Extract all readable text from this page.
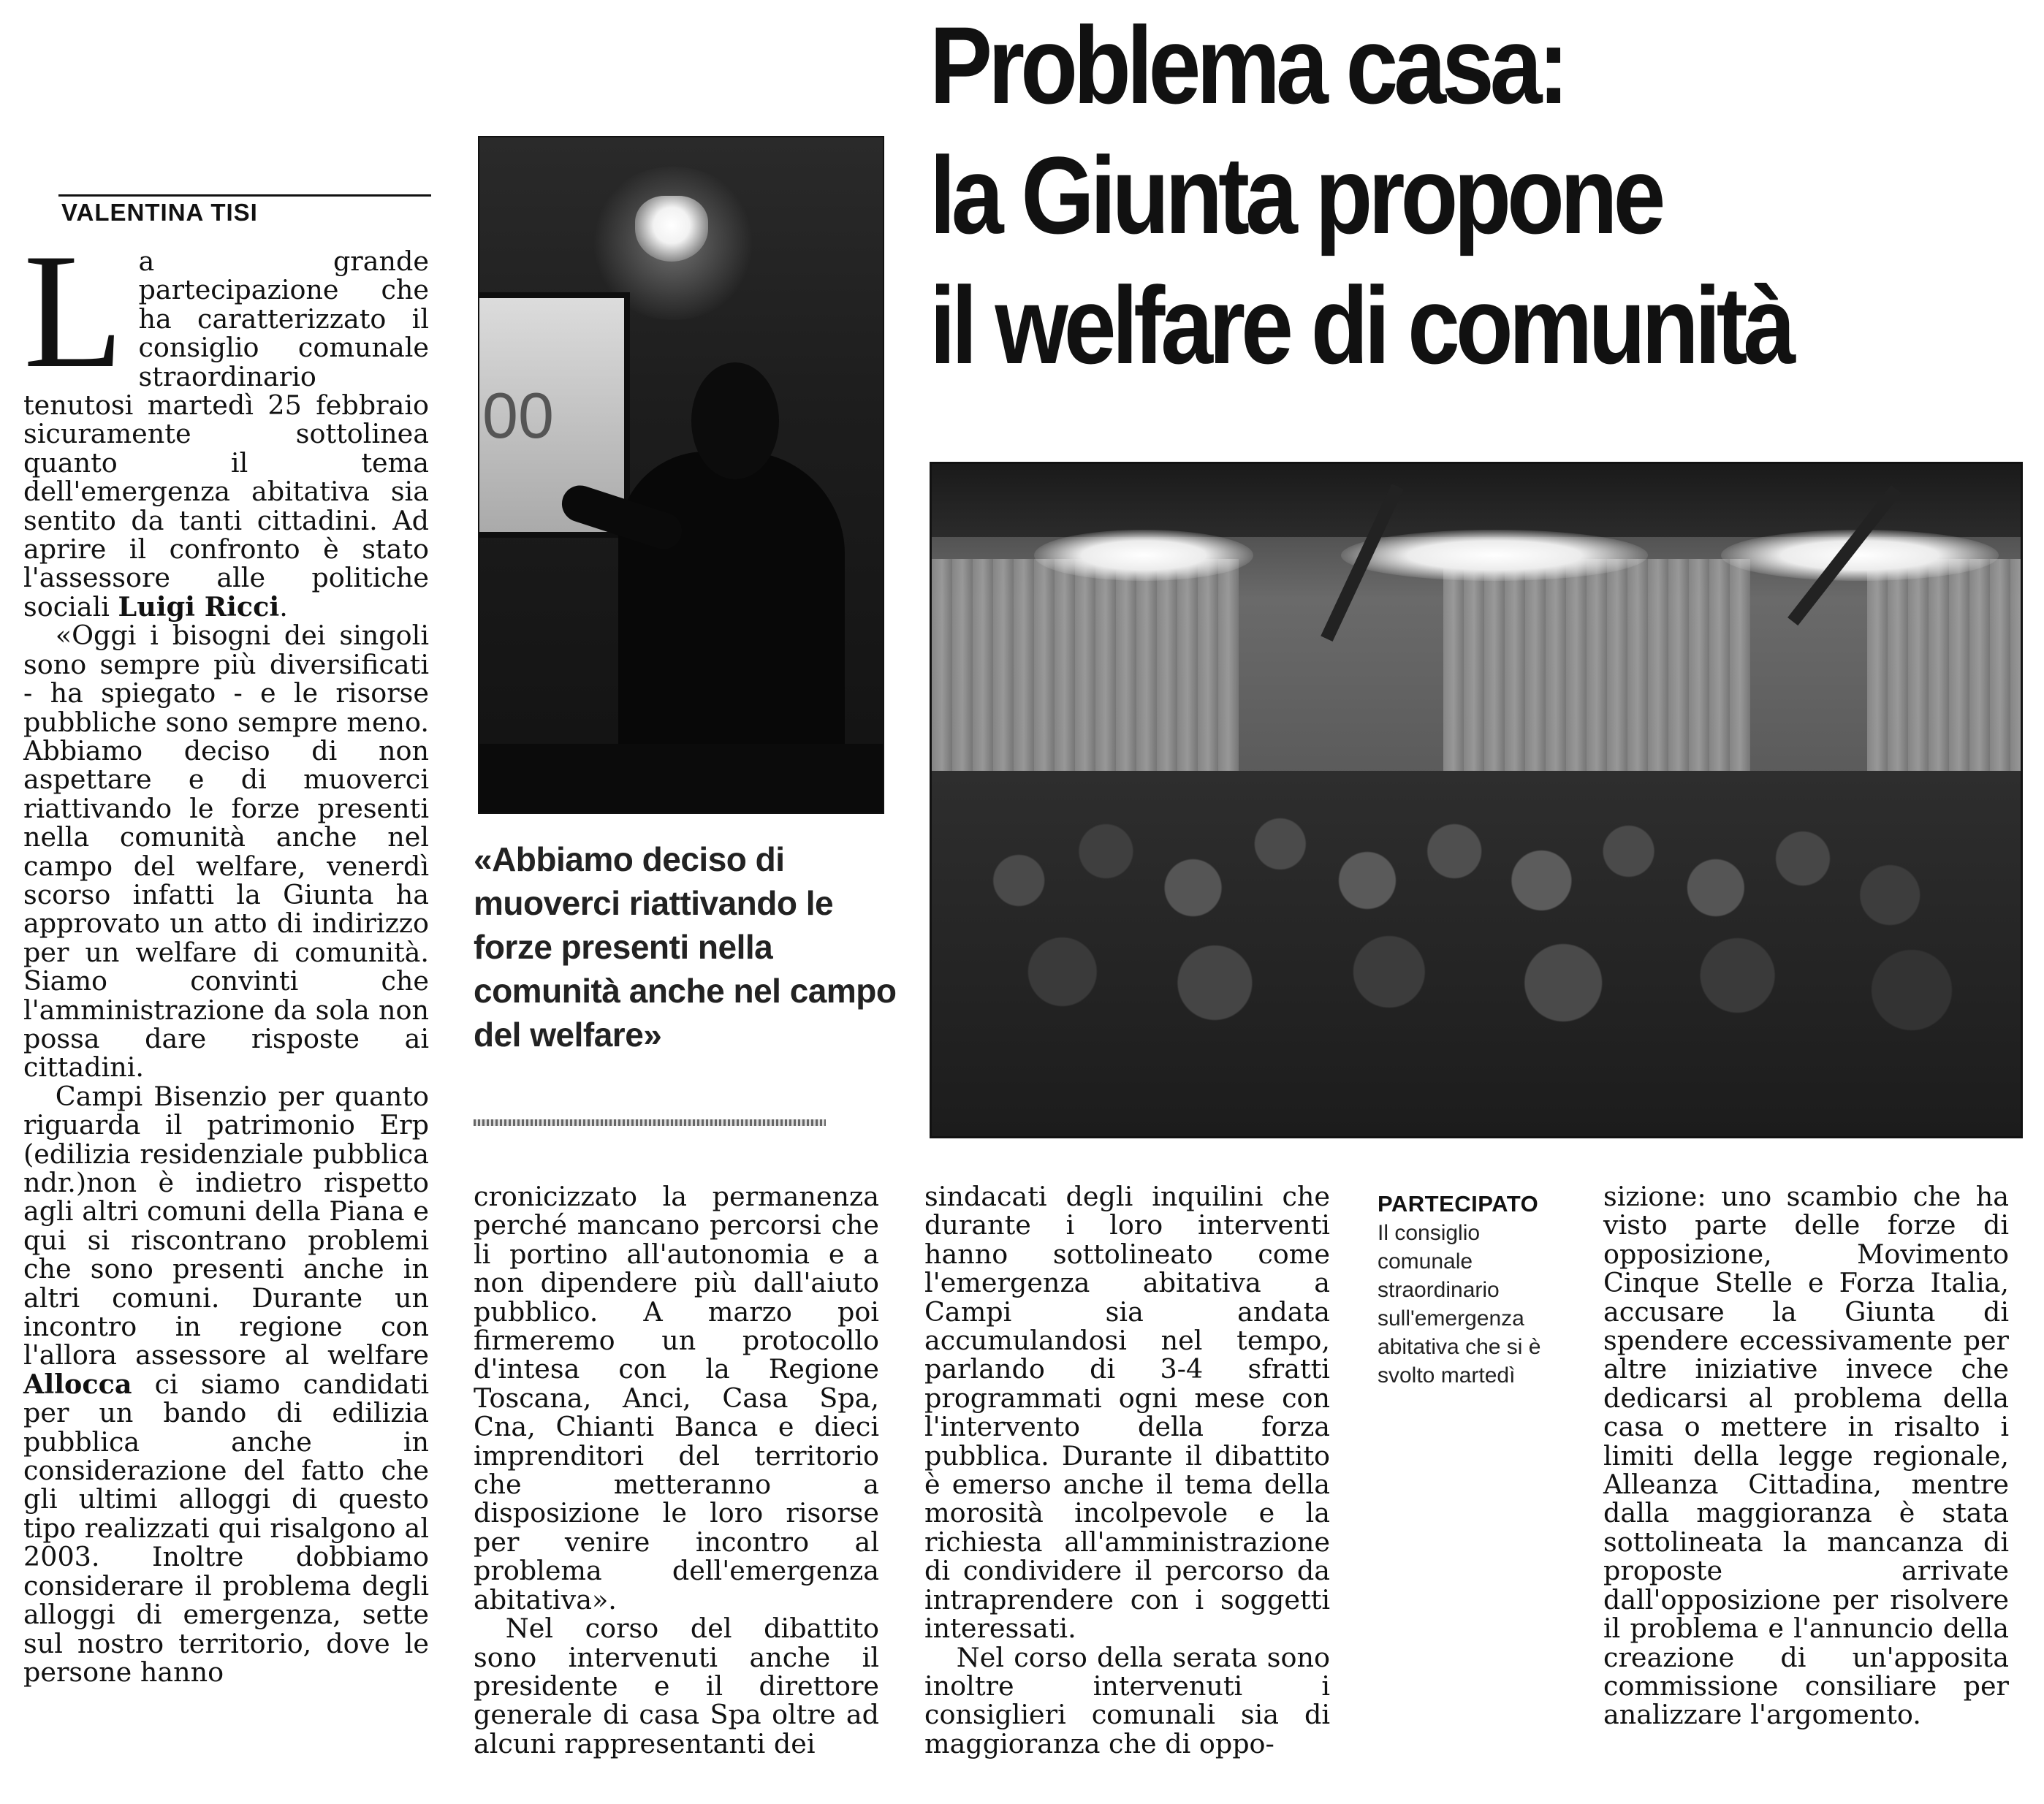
VALENTINA TISI

La grande partecipazione che ha caratterizzato il consiglio comunale straordinario tenutosi martedì 25 febbraio sicuramente sottolinea quanto il tema dell'emergenza abitativa sia sentito da tanti cittadini. Ad aprire il confronto è stato l'assessore alle politiche sociali Luigi Ricci.

«Oggi i bisogni dei singoli sono sempre più diversificati - ha spiegato - e le risorse pubbliche sono sempre meno. Abbiamo deciso di non aspettare e di muoverci riattivando le forze presenti nella comunità anche nel campo del welfare, venerdì scorso infatti la Giunta ha approvato un atto di indirizzo per un welfare di comunità. Siamo convinti che l'amministrazione da sola non possa dare risposte ai cittadini.

Campi Bisenzio per quanto riguarda il patrimonio Erp (edilizia residenziale pubblica ndr.)non è indietro rispetto agli altri comuni della Piana e qui si riscontrano problemi che sono presenti anche in altri comuni. Durante un incontro in regione con l'allora assessore al welfare Allocca ci siamo candidati per un bando di edilizia pubblica anche in considerazione del fatto che gli ultimi alloggi di questo tipo realizzati qui risalgono al 2003. Inoltre dobbiamo considerare il problema degli alloggi di emergenza, sette sul nostro territorio, dove le persone hanno

00
Problema casa:
la Giunta propone
il welfare di comunità
«Abbiamo deciso di muoverci riattivando le forze presenti nella comunità anche nel campo del welfare»

cronicizzato la permanenza perché mancano percorsi che li portino all'autonomia e a non dipendere più dall'aiuto pubblico. A marzo poi firmeremo un protocollo d'intesa con la Regione Toscana, Anci, Casa Spa, Cna, Chianti Banca e dieci imprenditori del territorio che metteranno a disposizione le loro risorse per venire incontro al problema dell'emergenza abitativa».

Nel corso del dibattito sono intervenuti anche il presidente e il direttore generale di casa Spa oltre ad alcuni rappresentanti dei

sindacati degli inquilini che durante i loro interventi hanno sottolineato come l'emergenza abitativa a Campi sia andata accumulandosi nel tempo, parlando di 3-4 sfratti programmati ogni mese con l'intervento della forza pubblica. Durante il dibattito è emerso anche il tema della morosità incolpevole e la richiesta all'amministrazione di condividere il percorso da intraprendere con i soggetti interessati.

Nel corso della serata sono inoltre intervenuti i consiglieri comunali sia di maggioranza che di oppo-

PARTECIPATO
Il consiglio comunale straordinario sull'emergenza abitativa che si è svolto martedì

sizione: uno scambio che ha visto parte delle forze di opposizione, Movimento Cinque Stelle e Forza Italia, accusare la Giunta di spendere eccessivamente per altre iniziative invece che dedicarsi al problema della casa o mettere in risalto i limiti della legge regionale, Alleanza Cittadina, mentre dalla maggioranza è stata sottolineata la mancanza di proposte arrivate dall'opposizione per risolvere il problema e l'annuncio della creazione di un'apposita commissione consiliare per analizzare l'argomento.
